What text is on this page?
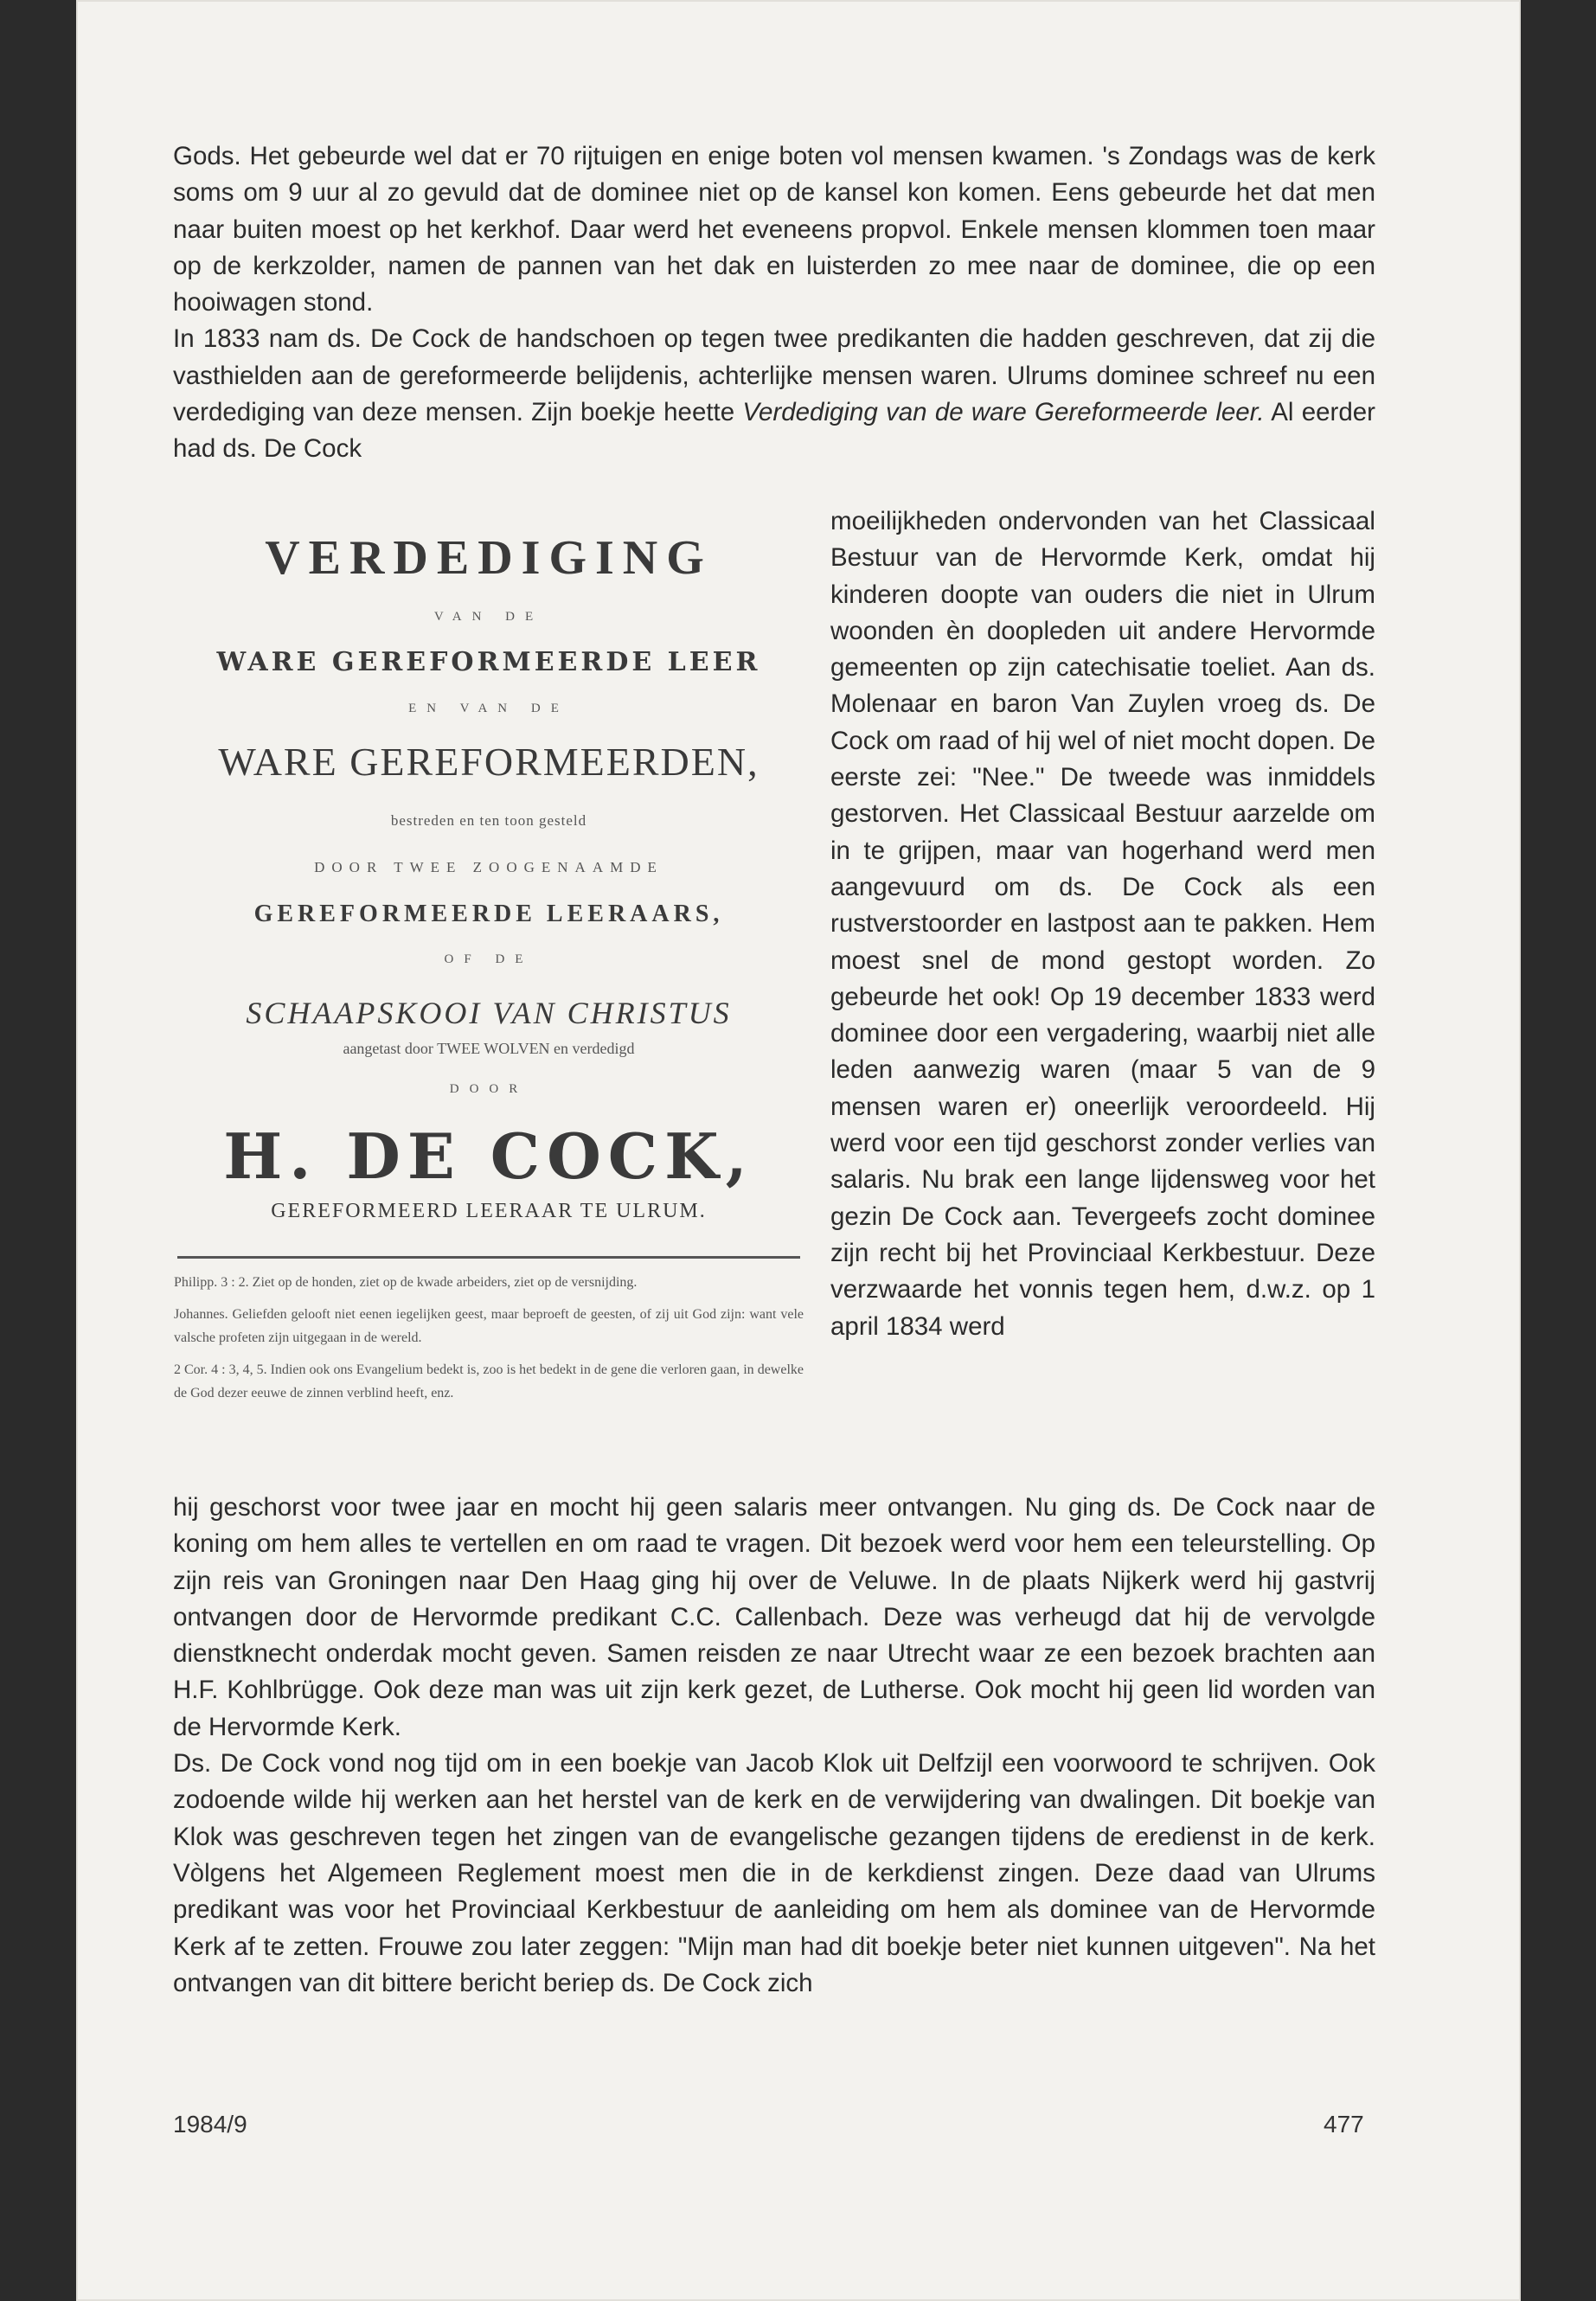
Gods. Het gebeurde wel dat er 70 rijtuigen en enige boten vol mensen kwamen. 's Zondags was de kerk soms om 9 uur al zo gevuld dat de dominee niet op de kansel kon komen. Eens gebeurde het dat men naar buiten moest op het kerkhof. Daar werd het eveneens propvol. Enkele mensen klommen toen maar op de kerkzolder, namen de pannen van het dak en luisterden zo mee naar de dominee, die op een hooiwagen stond.

In 1833 nam ds. De Cock de handschoen op tegen twee predikanten die hadden geschreven, dat zij die vasthielden aan de gereformeerde belijdenis, achterlijke mensen waren. Ulrums dominee schreef nu een verdediging van deze mensen. Zijn boekje heette Verdediging van de ware Gereformeerde leer. Al eerder had ds. De Cock

VERDEDIGING
VAN DE
WARE GEREFORMEERDE LEER
EN VAN DE
WARE GEREFORMEERDEN,
bestreden en ten toon gesteld
DOOR TWEE ZOOGENAAMDE
GEREFORMEERDE LEERAARS,
OF DE
SCHAAPSKOOI VAN CHRISTUS
aangetast door TWEE WOLVEN en verdedigd
DOOR
H. DE COCK,
GEREFORMEERD LEERAAR TE ULRUM.

Philipp. 3 : 2. Ziet op de honden, ziet op de kwade arbeiders, ziet op de versnijding.

Johannes. Geliefden gelooft niet eenen iegelijken geest, maar beproeft de geesten, of zij uit God zijn: want vele valsche profeten zijn uitgegaan in de wereld.

2 Cor. 4 : 3, 4, 5. Indien ook ons Evangelium bedekt is, zoo is het bedekt in de gene die verloren gaan, in dewelke de God dezer eeuwe de zinnen verblind heeft, enz.

moeilijkheden ondervonden van het Classicaal Bestuur van de Hervormde Kerk, omdat hij kinderen doopte van ouders die niet in Ulrum woonden èn doopleden uit andere Hervormde gemeenten op zijn catechisatie toeliet. Aan ds. Molenaar en baron Van Zuylen vroeg ds. De Cock om raad of hij wel of niet mocht dopen. De eerste zei: "Nee." De tweede was inmiddels gestorven. Het Classicaal Bestuur aarzelde om in te grijpen, maar van hogerhand werd men aangevuurd om ds. De Cock als een rustverstoorder en lastpost aan te pakken. Hem moest snel de mond gestopt worden. Zo gebeurde het ook! Op 19 december 1833 werd dominee door een vergadering, waarbij niet alle leden aanwezig waren (maar 5 van de 9 mensen waren er) oneerlijk veroordeeld. Hij werd voor een tijd geschorst zonder verlies van salaris. Nu brak een lange lijdensweg voor het gezin De Cock aan. Tevergeefs zocht dominee zijn recht bij het Provinciaal Kerkbestuur. Deze verzwaarde het vonnis tegen hem, d.w.z. op 1 april 1834 werd

hij geschorst voor twee jaar en mocht hij geen salaris meer ontvangen. Nu ging ds. De Cock naar de koning om hem alles te vertellen en om raad te vragen. Dit bezoek werd voor hem een teleurstelling. Op zijn reis van Groningen naar Den Haag ging hij over de Veluwe. In de plaats Nijkerk werd hij gastvrij ontvangen door de Hervormde predikant C.C. Callenbach. Deze was verheugd dat hij de vervolgde dienstknecht onderdak mocht geven. Samen reisden ze naar Utrecht waar ze een bezoek brachten aan H.F. Kohlbrügge. Ook deze man was uit zijn kerk gezet, de Lutherse. Ook mocht hij geen lid worden van de Hervormde Kerk.

Ds. De Cock vond nog tijd om in een boekje van Jacob Klok uit Delfzijl een voorwoord te schrijven. Ook zodoende wilde hij werken aan het herstel van de kerk en de verwijdering van dwalingen. Dit boekje van Klok was geschreven tegen het zingen van de evangelische gezangen tijdens de eredienst in de kerk. Vòlgens het Algemeen Reglement moest men die in de kerkdienst zingen. Deze daad van Ulrums predikant was voor het Provinciaal Kerkbestuur de aanleiding om hem als dominee van de Hervormde Kerk af te zetten. Frouwe zou later zeggen: "Mijn man had dit boekje beter niet kunnen uitgeven". Na het ontvangen van dit bittere bericht beriep ds. De Cock zich

1984/9	477
